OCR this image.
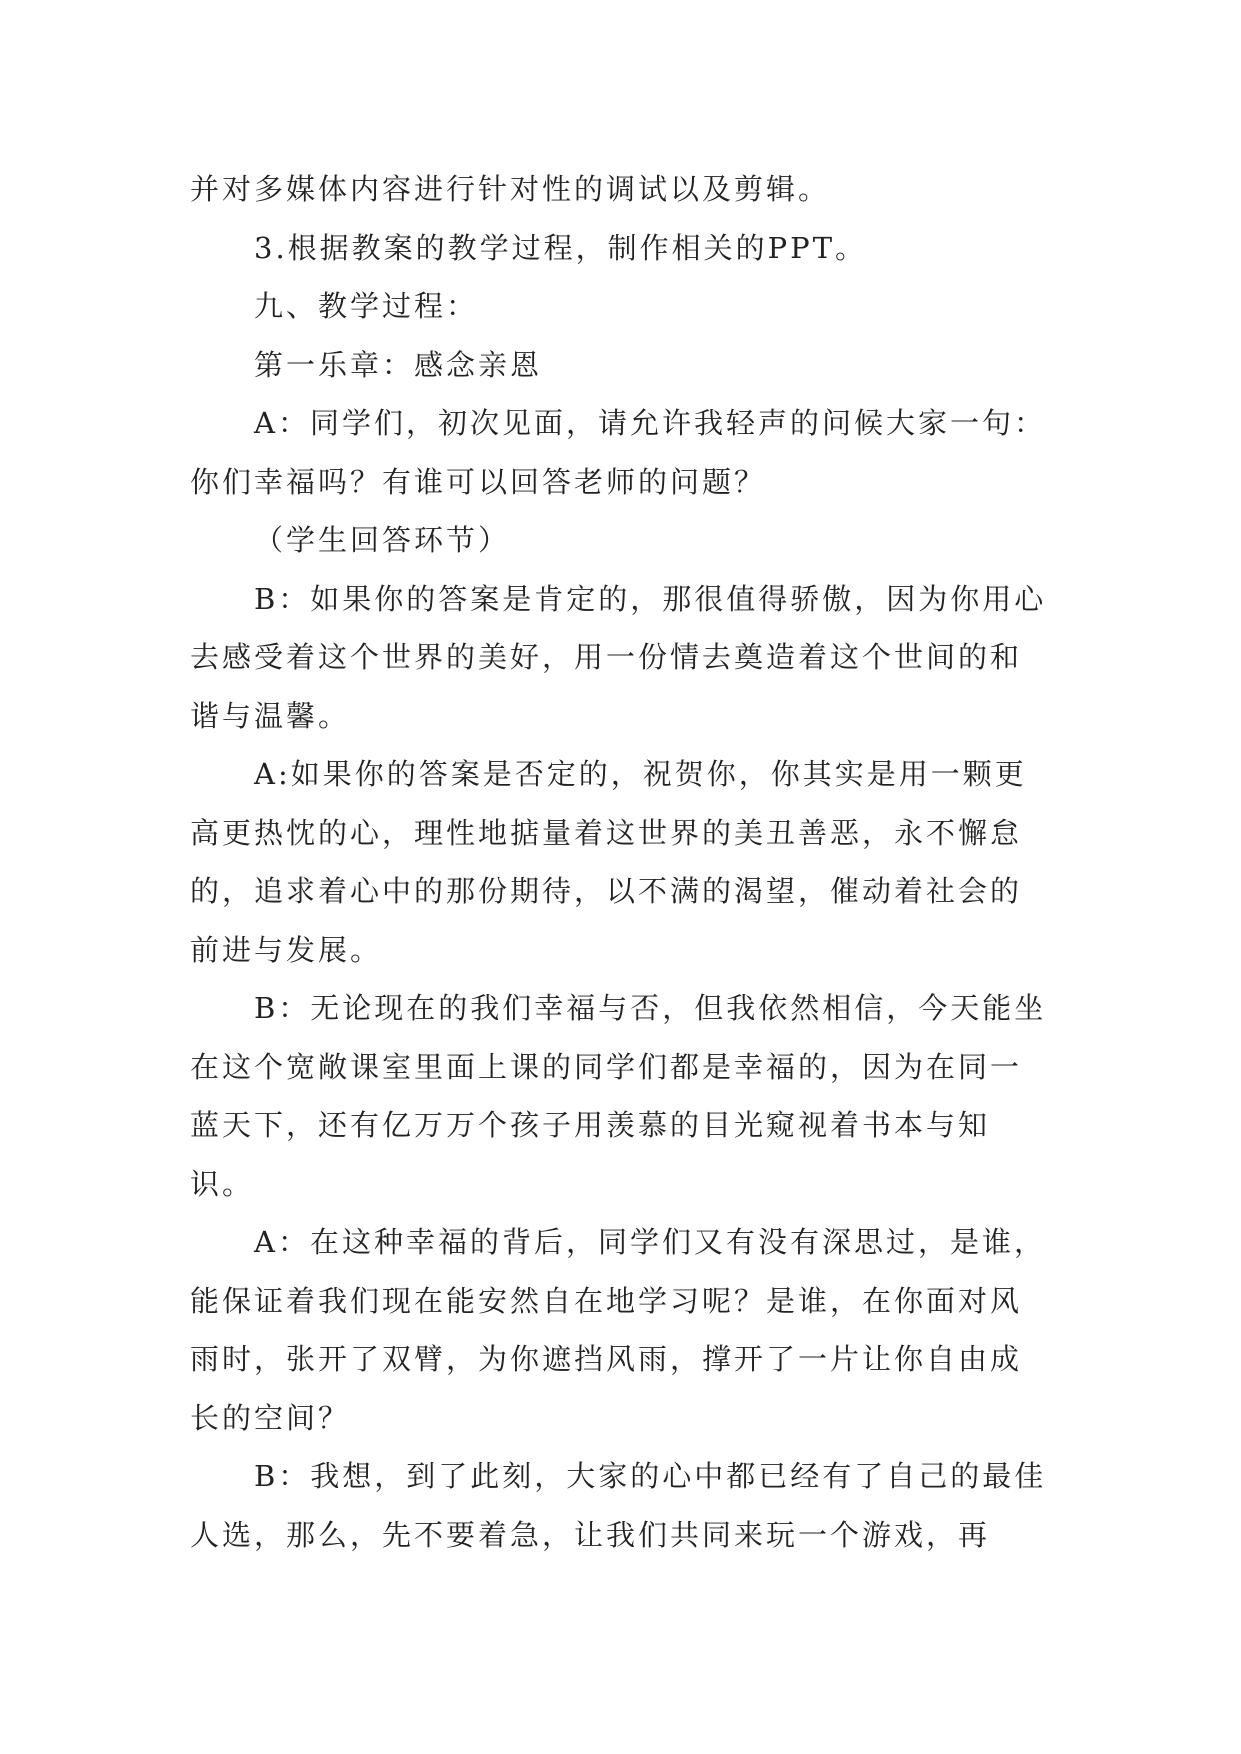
并对多媒体内容进行针对性的调试以及剪辑。

3.根据教案的教学过程，制作相关的PPT。

九、教学过程：

第一乐章：感念亲恩

A：同学们，初次见面，请允许我轻声的问候大家一句：你们幸福吗？有谁可以回答老师的问题？

（学生回答环节）

B：如果你的答案是肯定的，那很值得骄傲，因为你用心去感受着这个世界的美好，用一份情去奠造着这个世间的和谐与温馨。

A:如果你的答案是否定的，祝贺你，你其实是用一颗更高更热忱的心，理性地掂量着这世界的美丑善恶，永不懈怠的，追求着心中的那份期待，以不满的渴望，催动着社会的前进与发展。

B：无论现在的我们幸福与否，但我依然相信，今天能坐在这个宽敞课室里面上课的同学们都是幸福的，因为在同一蓝天下，还有亿万万个孩子用羡慕的目光窥视着书本与知识。

A：在这种幸福的背后，同学们又有没有深思过，是谁，能保证着我们现在能安然自在地学习呢？是谁，在你面对风雨时，张开了双臂，为你遮挡风雨，撑开了一片让你自由成长的空间？

B：我想，到了此刻，大家的心中都已经有了自己的最佳人选，那么，先不要着急，让我们共同来玩一个游戏，再
